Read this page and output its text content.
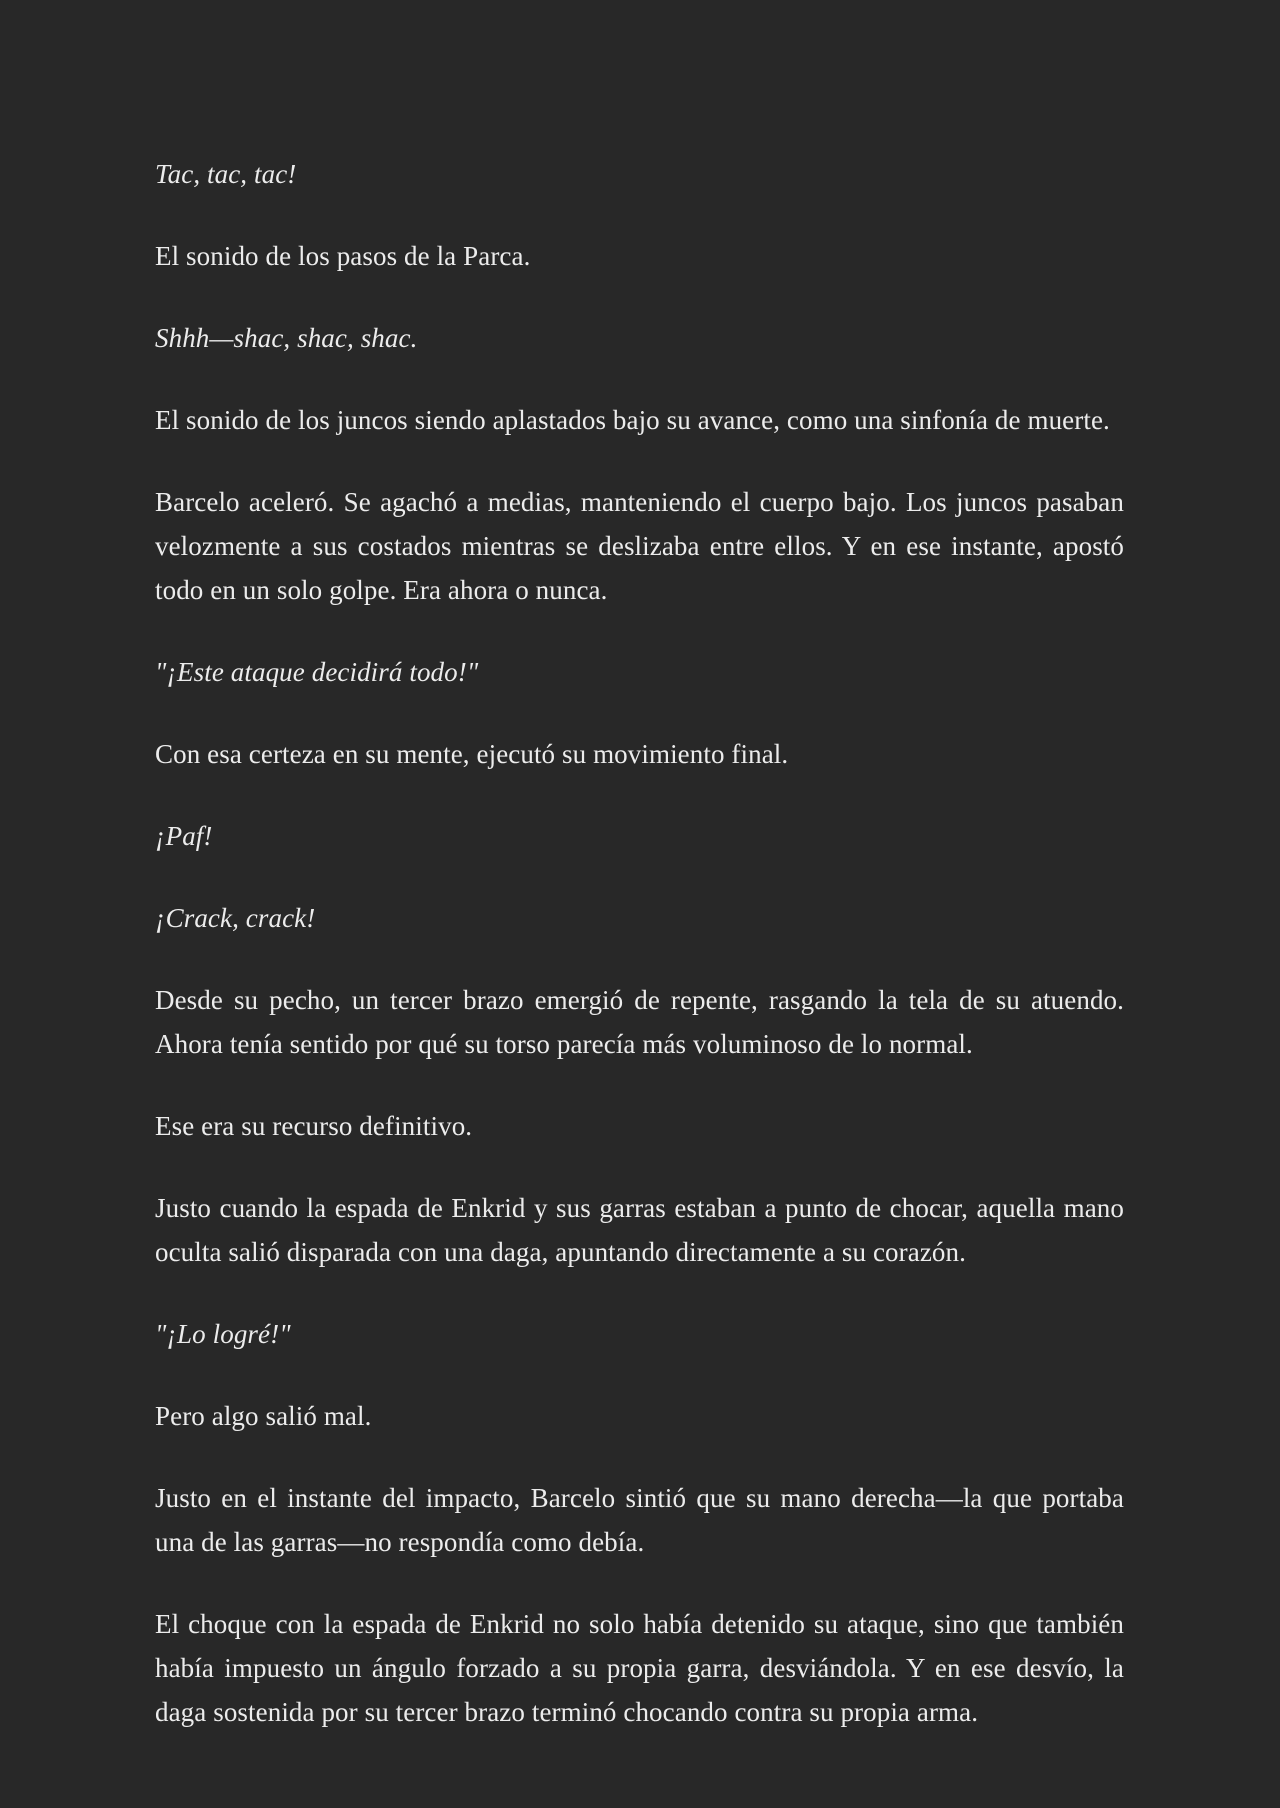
Tac, tac, tac!

El sonido de los pasos de la Parca.

Shhh—shac, shac, shac.

El sonido de los juncos siendo aplastados bajo su avance, como una sinfonía de muerte.

Barcelo aceleró. Se agachó a medias, manteniendo el cuerpo bajo. Los juncos pasaban velozmente a sus costados mientras se deslizaba entre ellos. Y en ese instante, apostó todo en un solo golpe. Era ahora o nunca.

"¡Este ataque decidirá todo!"

Con esa certeza en su mente, ejecutó su movimiento final.

¡Paf!

¡Crack, crack!

Desde su pecho, un tercer brazo emergió de repente, rasgando la tela de su atuendo. Ahora tenía sentido por qué su torso parecía más voluminoso de lo normal.

Ese era su recurso definitivo.

Justo cuando la espada de Enkrid y sus garras estaban a punto de chocar, aquella mano oculta salió disparada con una daga, apuntando directamente a su corazón.

"¡Lo logré!"

Pero algo salió mal.

Justo en el instante del impacto, Barcelo sintió que su mano derecha—la que portaba una de las garras—no respondía como debía.

El choque con la espada de Enkrid no solo había detenido su ataque, sino que también había impuesto un ángulo forzado a su propia garra, desviándola. Y en ese desvío, la daga sostenida por su tercer brazo terminó chocando contra su propia arma.
